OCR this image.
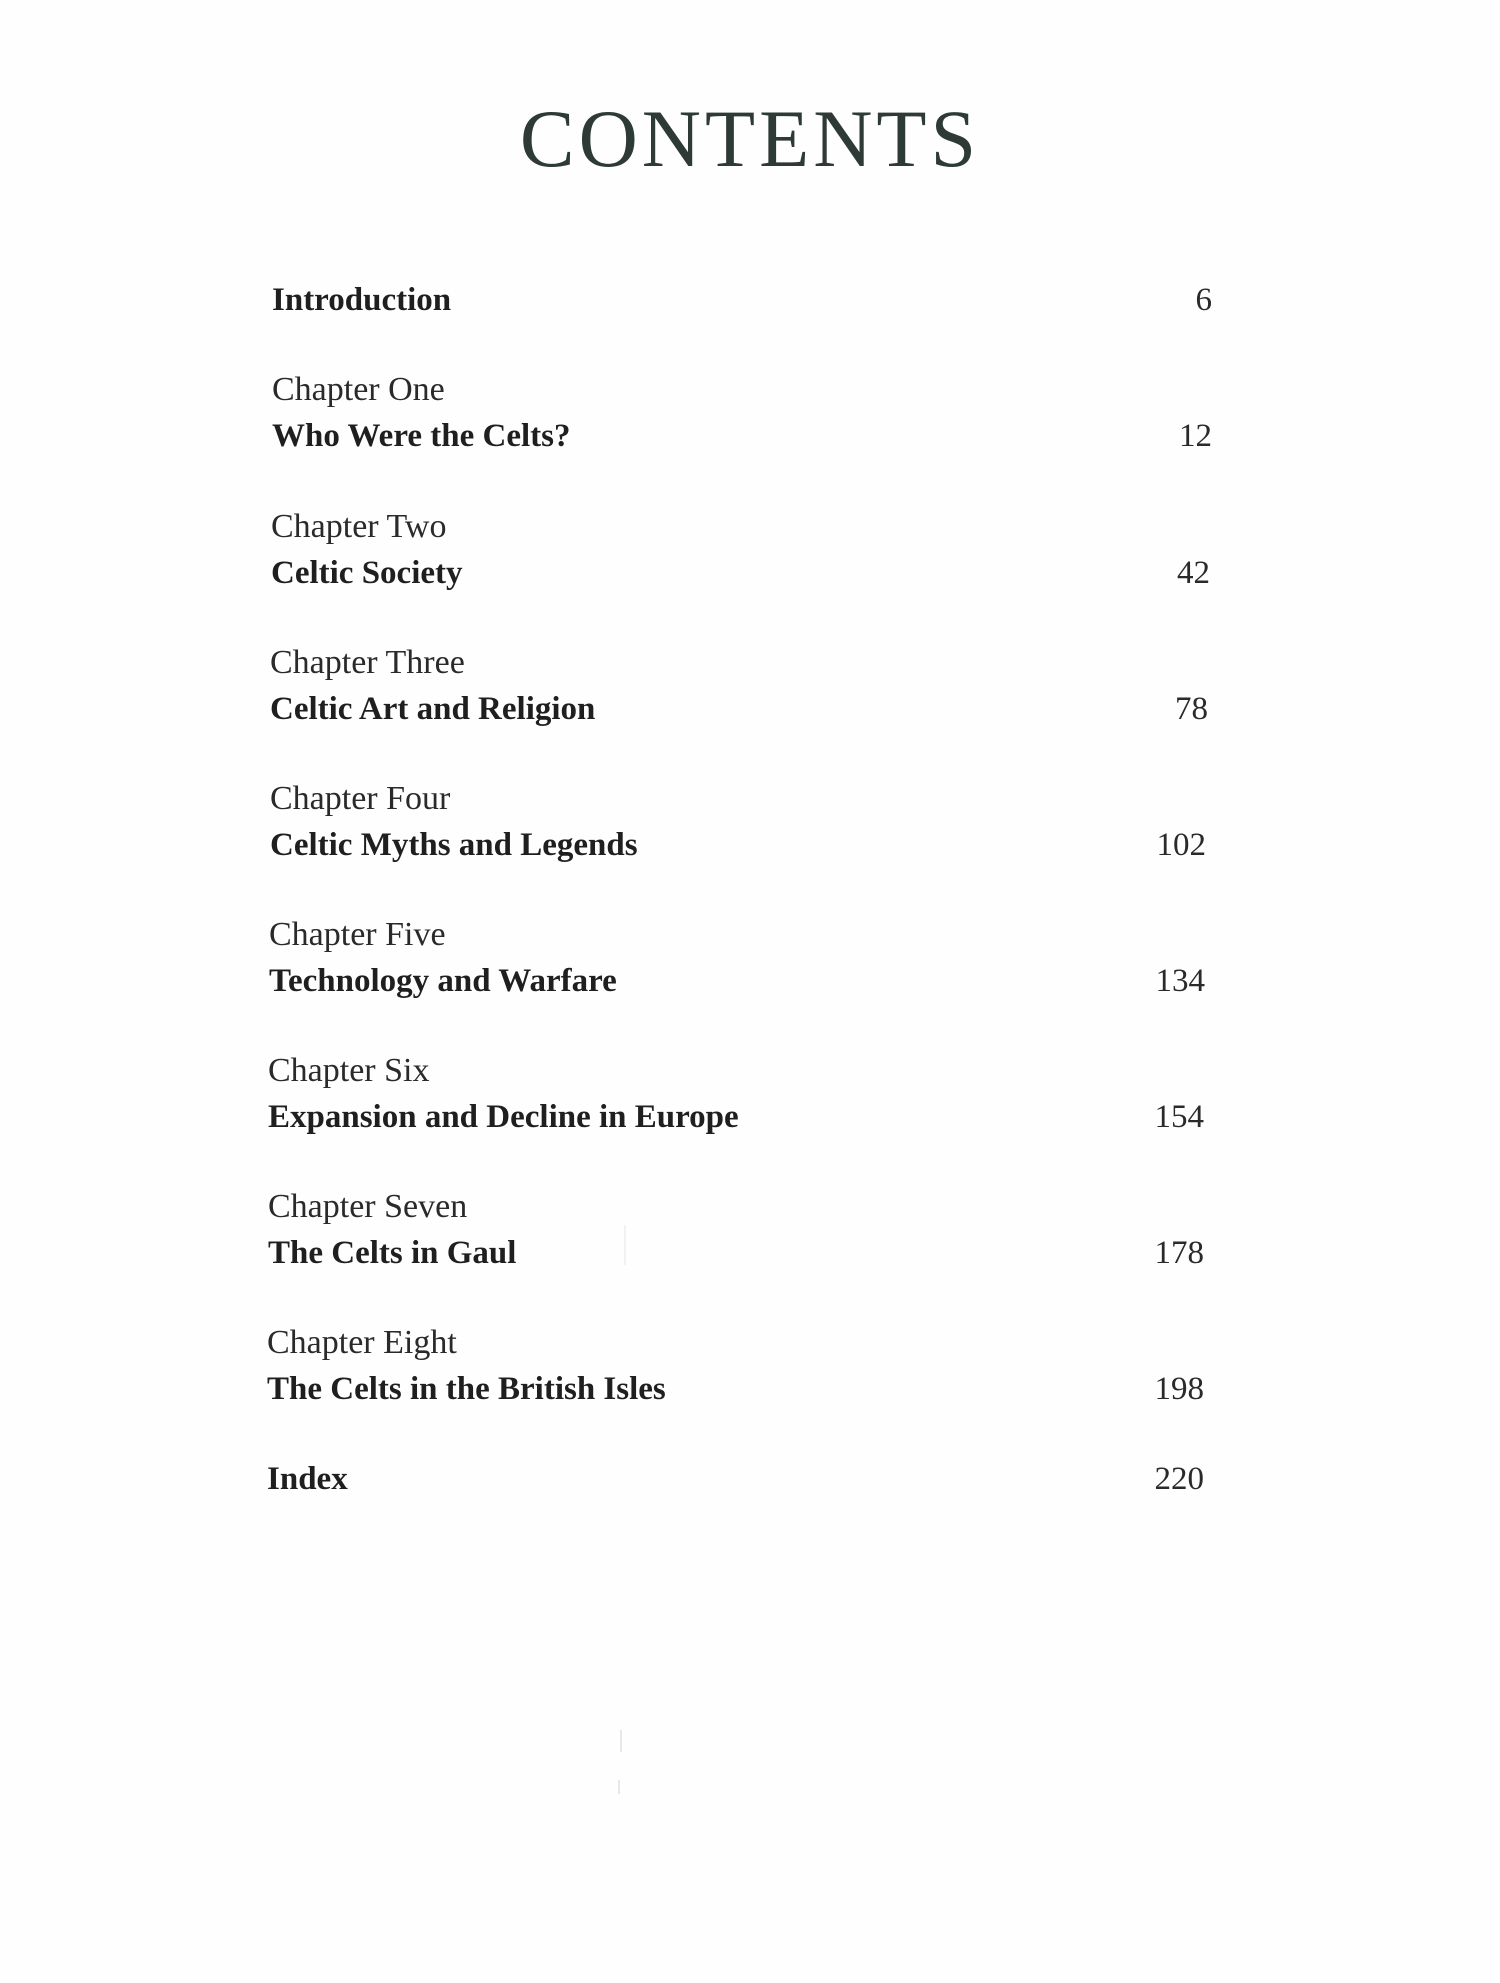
CONTENTS
Introduction	6
Chapter One
Who Were the Celts?	12
Chapter Two
Celtic Society	42
Chapter Three
Celtic Art and Religion	78
Chapter Four
Celtic Myths and Legends	102
Chapter Five
Technology and Warfare	134
Chapter Six
Expansion and Decline in Europe	154
Chapter Seven
The Celts in Gaul	178
Chapter Eight
The Celts in the British Isles	198
Index	220
